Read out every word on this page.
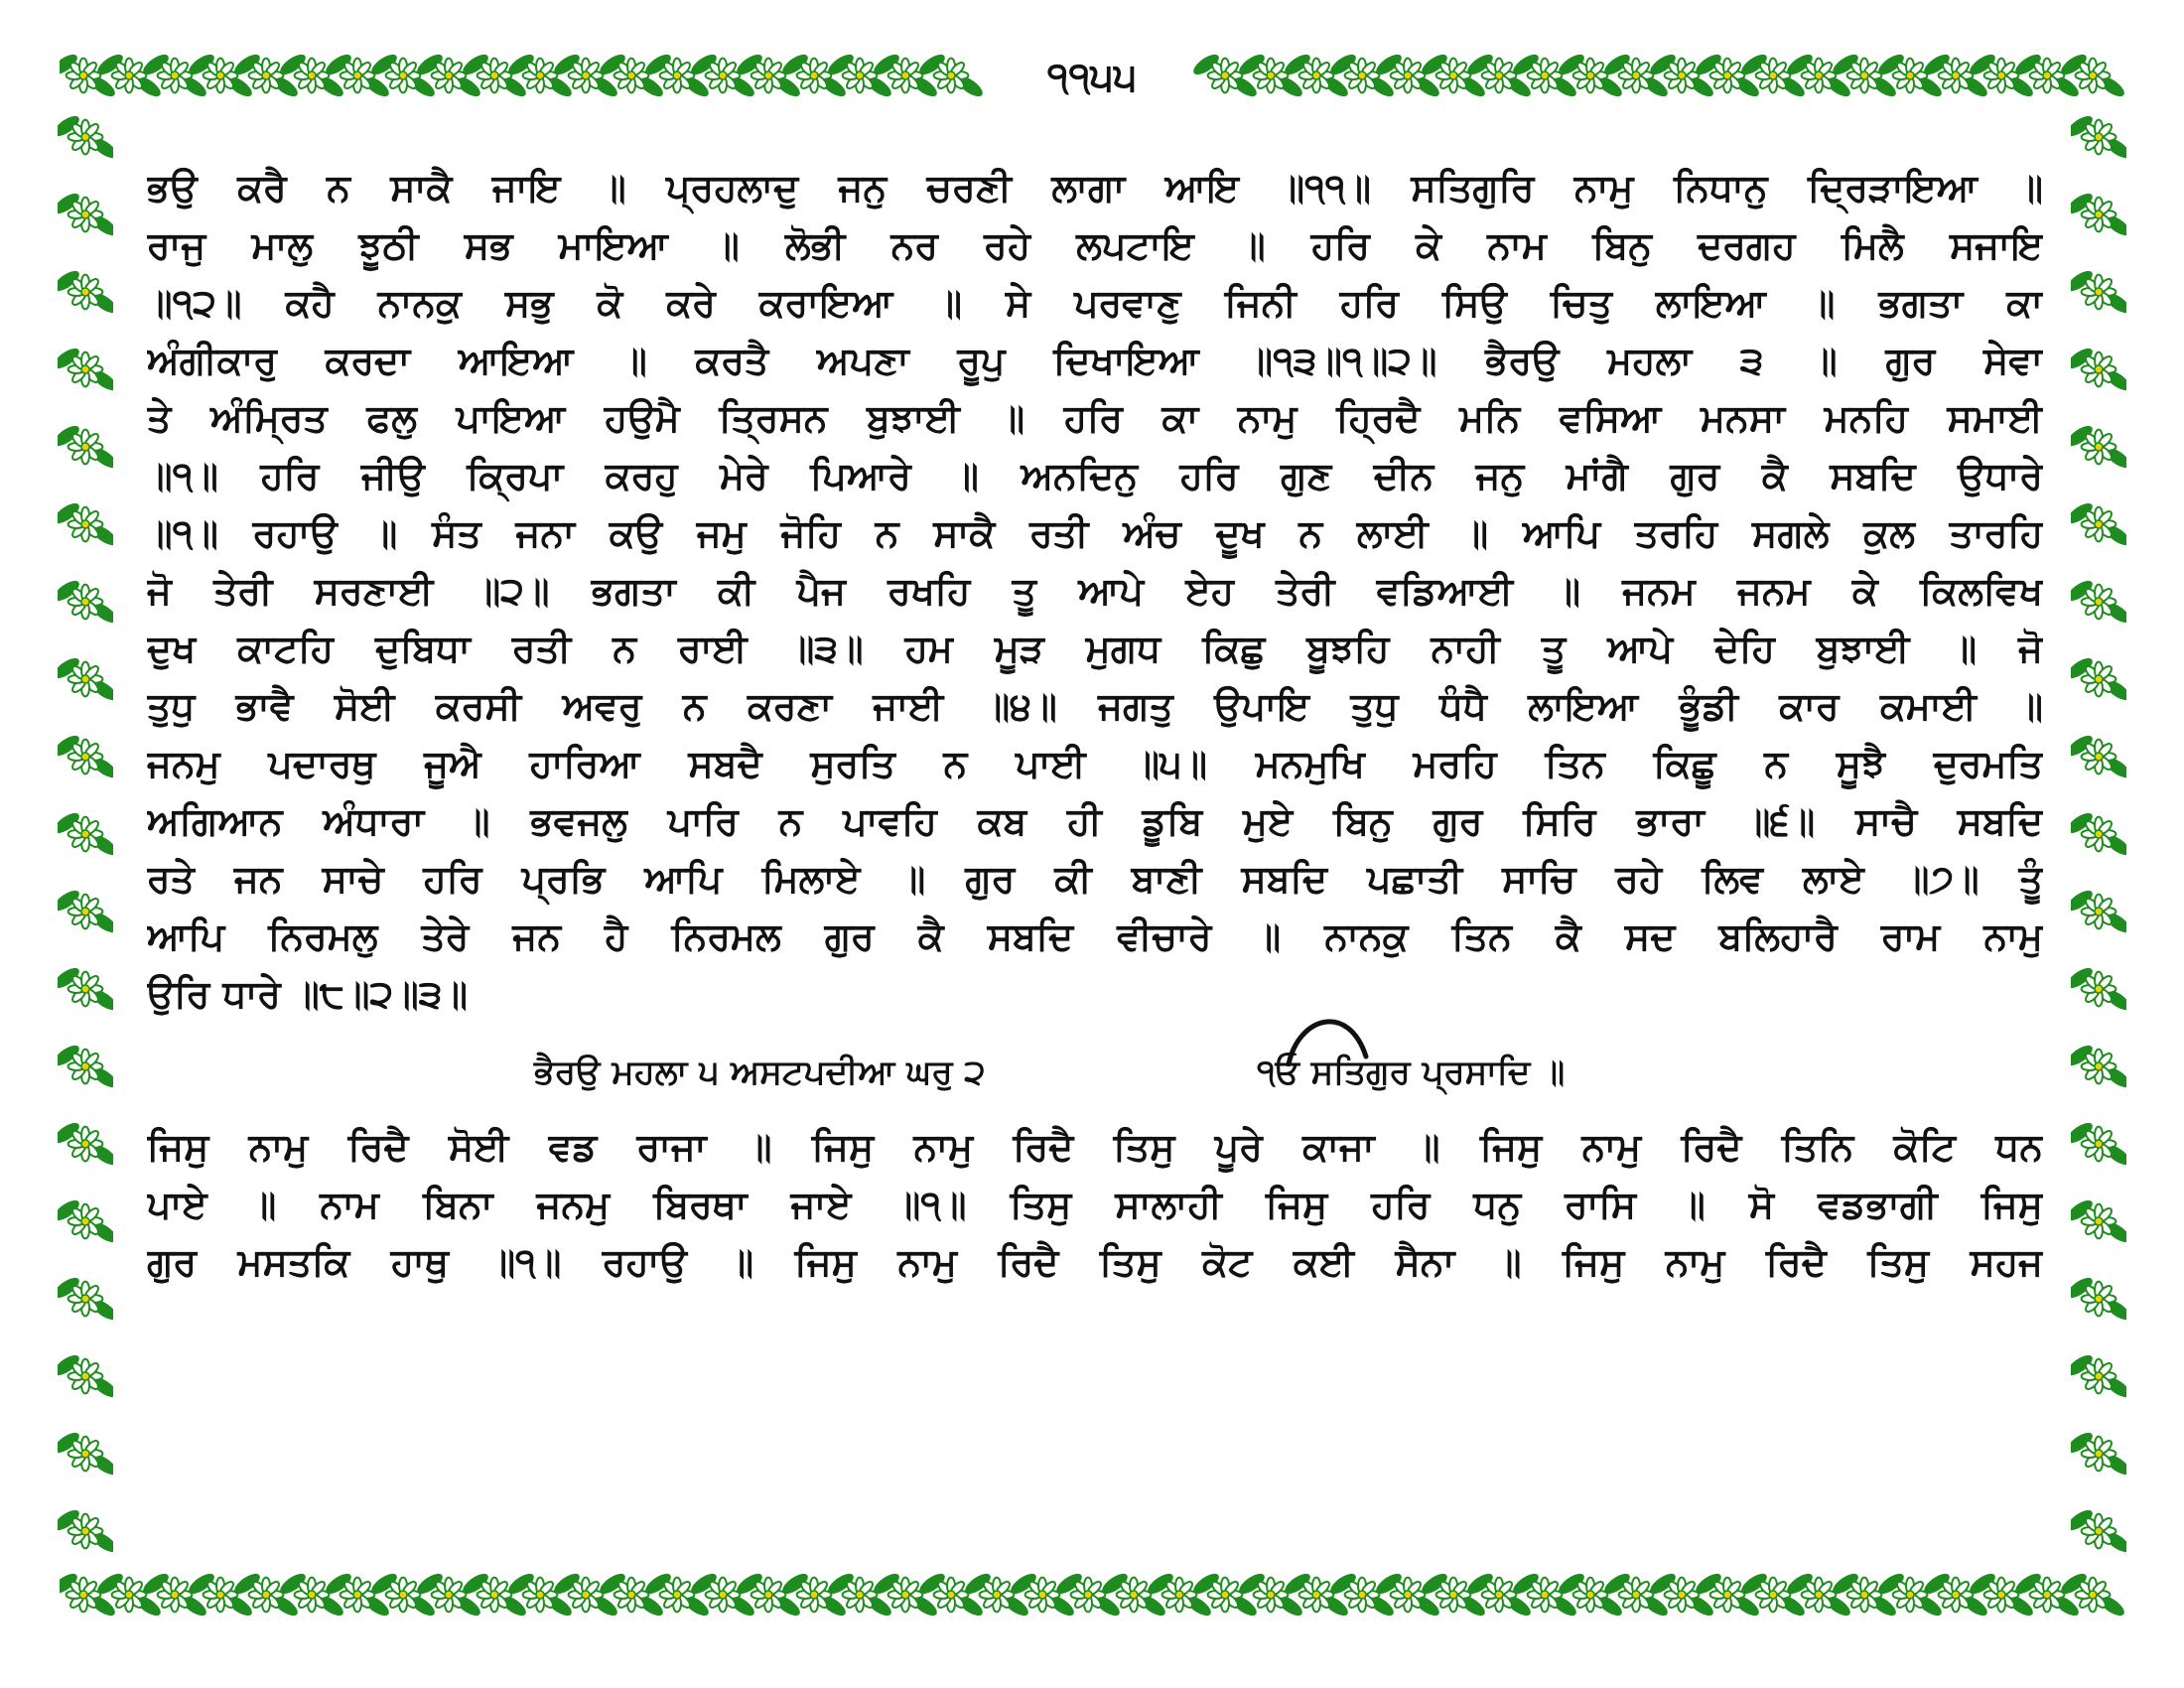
੧੧੫੫
ਭਉ ਕਰੈ ਨ ਸਾਕੈ ਜਾਇ ॥ ਪ੍ਰਹਲਾਦੁ ਜਨੁ ਚਰਣੀ ਲਾਗਾ ਆਇ ॥੧੧॥ ਸਤਿਗੁਰਿ ਨਾਮੁ ਨਿਧਾਨੁ ਦ੍ਰਿੜਾਇਆ ॥
ਰਾਜੁ ਮਾਲੁ ਝੂਠੀ ਸਭ ਮਾਇਆ ॥ ਲੋਭੀ ਨਰ ਰਹੇ ਲਪਟਾਇ ॥ ਹਰਿ ਕੇ ਨਾਮ ਬਿਨੁ ਦਰਗਹ ਮਿਲੈ ਸਜਾਇ
॥੧੨॥ ਕਹੈ ਨਾਨਕੁ ਸਭੁ ਕੋ ਕਰੇ ਕਰਾਇਆ ॥ ਸੇ ਪਰਵਾਣੁ ਜਿਨੀ ਹਰਿ ਸਿਉ ਚਿਤੁ ਲਾਇਆ ॥ ਭਗਤਾ ਕਾ
ਅੰਗੀਕਾਰੁ ਕਰਦਾ ਆਇਆ ॥ ਕਰਤੈ ਅਪਣਾ ਰੂਪੁ ਦਿਖਾਇਆ ॥੧੩॥੧॥੨॥ ਭੈਰਉ ਮਹਲਾ ੩ ॥ ਗੁਰ ਸੇਵਾ
ਤੇ ਅੰਮ੍ਰਿਤ ਫਲੁ ਪਾਇਆ ਹਉਮੈ ਤ੍ਰਿਸਨ ਬੁਝਾਈ ॥ ਹਰਿ ਕਾ ਨਾਮੁ ਹ੍ਰਿਦੈ ਮਨਿ ਵਸਿਆ ਮਨਸਾ ਮਨਹਿ ਸਮਾਈ
॥੧॥ ਹਰਿ ਜੀਉ ਕ੍ਰਿਪਾ ਕਰਹੁ ਮੇਰੇ ਪਿਆਰੇ ॥ ਅਨਦਿਨੁ ਹਰਿ ਗੁਣ ਦੀਨ ਜਨੁ ਮਾਂਗੈ ਗੁਰ ਕੈ ਸਬਦਿ ਉਧਾਰੇ
॥੧॥ ਰਹਾਉ ॥ ਸੰਤ ਜਨਾ ਕਉ ਜਮੁ ਜੋਹਿ ਨ ਸਾਕੈ ਰਤੀ ਅੰਚ ਦੂਖ ਨ ਲਾਈ ॥ ਆਪਿ ਤਰਹਿ ਸਗਲੇ ਕੁਲ ਤਾਰਹਿ
ਜੋ ਤੇਰੀ ਸਰਣਾਈ ॥੨॥ ਭਗਤਾ ਕੀ ਪੈਜ ਰਖਹਿ ਤੂ ਆਪੇ ਏਹ ਤੇਰੀ ਵਡਿਆਈ ॥ ਜਨਮ ਜਨਮ ਕੇ ਕਿਲਵਿਖ
ਦੁਖ ਕਾਟਹਿ ਦੁਬਿਧਾ ਰਤੀ ਨ ਰਾਈ ॥੩॥ ਹਮ ਮੂੜ ਮੁਗਧ ਕਿਛੁ ਬੂਝਹਿ ਨਾਹੀ ਤੂ ਆਪੇ ਦੇਹਿ ਬੁਝਾਈ ॥ ਜੋ
ਤੁਧੁ ਭਾਵੈ ਸੋਈ ਕਰਸੀ ਅਵਰੁ ਨ ਕਰਣਾ ਜਾਈ ॥੪॥ ਜਗਤੁ ਉਪਾਇ ਤੁਧੁ ਧੰਧੈ ਲਾਇਆ ਭੂੰਡੀ ਕਾਰ ਕਮਾਈ ॥
ਜਨਮੁ ਪਦਾਰਥੁ ਜੂਐ ਹਾਰਿਆ ਸਬਦੈ ਸੁਰਤਿ ਨ ਪਾਈ ॥੫॥ ਮਨਮੁਖਿ ਮਰਹਿ ਤਿਨ ਕਿਛੂ ਨ ਸੂਝੈ ਦੁਰਮਤਿ
ਅਗਿਆਨ ਅੰਧਾਰਾ ॥ ਭਵਜਲੁ ਪਾਰਿ ਨ ਪਾਵਹਿ ਕਬ ਹੀ ਡੂਬਿ ਮੁਏ ਬਿਨੁ ਗੁਰ ਸਿਰਿ ਭਾਰਾ ॥੬॥ ਸਾਚੈ ਸਬਦਿ
ਰਤੇ ਜਨ ਸਾਚੇ ਹਰਿ ਪ੍ਰਭਿ ਆਪਿ ਮਿਲਾਏ ॥ ਗੁਰ ਕੀ ਬਾਣੀ ਸਬਦਿ ਪਛਾਤੀ ਸਾਚਿ ਰਹੇ ਲਿਵ ਲਾਏ ॥੭॥ ਤੂੰ
ਆਪਿ ਨਿਰਮਲੁ ਤੇਰੇ ਜਨ ਹੈ ਨਿਰਮਲ ਗੁਰ ਕੈ ਸਬਦਿ ਵੀਚਾਰੇ ॥ ਨਾਨਕੁ ਤਿਨ ਕੈ ਸਦ ਬਲਿਹਾਰੈ ਰਾਮ ਨਾਮੁ
ਉਰਿ ਧਾਰੇ ॥੮॥੨॥੩॥
ਭੈਰਉ ਮਹਲਾ ੫ ਅਸਟਪਦੀਆ ਘਰੁ ੨	੧ਓ ਸਤਿਗੁਰ ਪ੍ਰਸਾਦਿ ॥
ਜਿਸੁ ਨਾਮੁ ਰਿਦੈ ਸੋਈ ਵਡ ਰਾਜਾ ॥ ਜਿਸੁ ਨਾਮੁ ਰਿਦੈ ਤਿਸੁ ਪੂਰੇ ਕਾਜਾ ॥ ਜਿਸੁ ਨਾਮੁ ਰਿਦੈ ਤਿਨਿ ਕੋਟਿ ਧਨ
ਪਾਏ ॥ ਨਾਮ ਬਿਨਾ ਜਨਮੁ ਬਿਰਥਾ ਜਾਏ ॥੧॥ ਤਿਸੁ ਸਾਲਾਹੀ ਜਿਸੁ ਹਰਿ ਧਨੁ ਰਾਸਿ ॥ ਸੋ ਵਡਭਾਗੀ ਜਿਸੁ
ਗੁਰ ਮਸਤਕਿ ਹਾਥੁ ॥੧॥ ਰਹਾਉ ॥ ਜਿਸੁ ਨਾਮੁ ਰਿਦੈ ਤਿਸੁ ਕੋਟ ਕਈ ਸੈਨਾ ॥ ਜਿਸੁ ਨਾਮੁ ਰਿਦੈ ਤਿਸੁ ਸਹਜ
